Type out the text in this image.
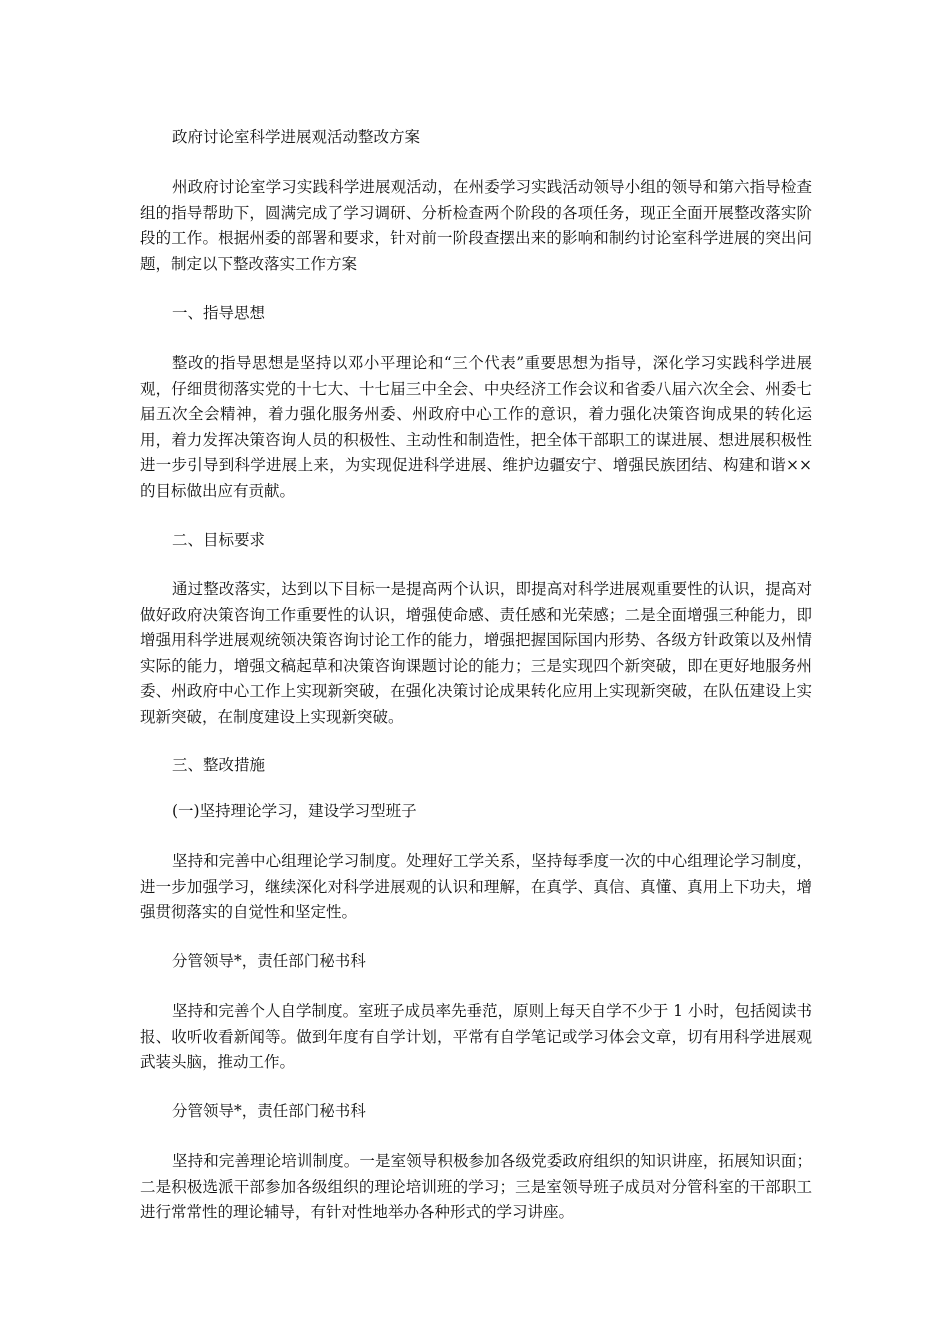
政府讨论室科学进展观活动整改方案
州政府讨论室学习实践科学进展观活动，在州委学习实践活动领导小组的领导和第六指导检查组的指导帮助下，圆满完成了学习调研、分析检查两个阶段的各项任务，现正全面开展整改落实阶段的工作。根据州委的部署和要求，针对前一阶段查摆出来的影响和制约讨论室科学进展的突出问题，制定以下整改落实工作方案
一、指导思想
整改的指导思想是坚持以邓小平理论和“三个代表”重要思想为指导，深化学习实践科学进展观，仔细贯彻落实党的十七大、十七届三中全会、中央经济工作会议和省委八届六次全会、州委七届五次全会精神，着力强化服务州委、州政府中心工作的意识，着力强化决策咨询成果的转化运用，着力发挥决策咨询人员的积极性、主动性和制造性，把全体干部职工的谋进展、想进展积极性进一步引导到科学进展上来，为实现促进科学进展、维护边疆安宁、增强民族团结、构建和谐××的目标做出应有贡献。
二、目标要求
通过整改落实，达到以下目标一是提高两个认识，即提高对科学进展观重要性的认识，提高对做好政府决策咨询工作重要性的认识，增强使命感、责任感和光荣感；二是全面增强三种能力，即增强用科学进展观统领决策咨询讨论工作的能力，增强把握国际国内形势、各级方针政策以及州情实际的能力，增强文稿起草和决策咨询课题讨论的能力；三是实现四个新突破，即在更好地服务州委、州政府中心工作上实现新突破，在强化决策讨论成果转化应用上实现新突破，在队伍建设上实现新突破，在制度建设上实现新突破。
三、整改措施
(一)坚持理论学习，建设学习型班子
坚持和完善中心组理论学习制度。处理好工学关系，坚持每季度一次的中心组理论学习制度，进一步加强学习，继续深化对科学进展观的认识和理解，在真学、真信、真懂、真用上下功夫，增强贯彻落实的自觉性和坚定性。
分管领导*，责任部门秘书科
坚持和完善个人自学制度。室班子成员率先垂范，原则上每天自学不少于 1 小时，包括阅读书报、收听收看新闻等。做到年度有自学计划，平常有自学笔记或学习体会文章，切有用科学进展观武装头脑，推动工作。
分管领导*，责任部门秘书科
坚持和完善理论培训制度。一是室领导积极参加各级党委政府组织的知识讲座，拓展知识面；二是积极选派干部参加各级组织的理论培训班的学习；三是室领导班子成员对分管科室的干部职工进行常常性的理论辅导，有针对性地举办各种形式的学习讲座。
